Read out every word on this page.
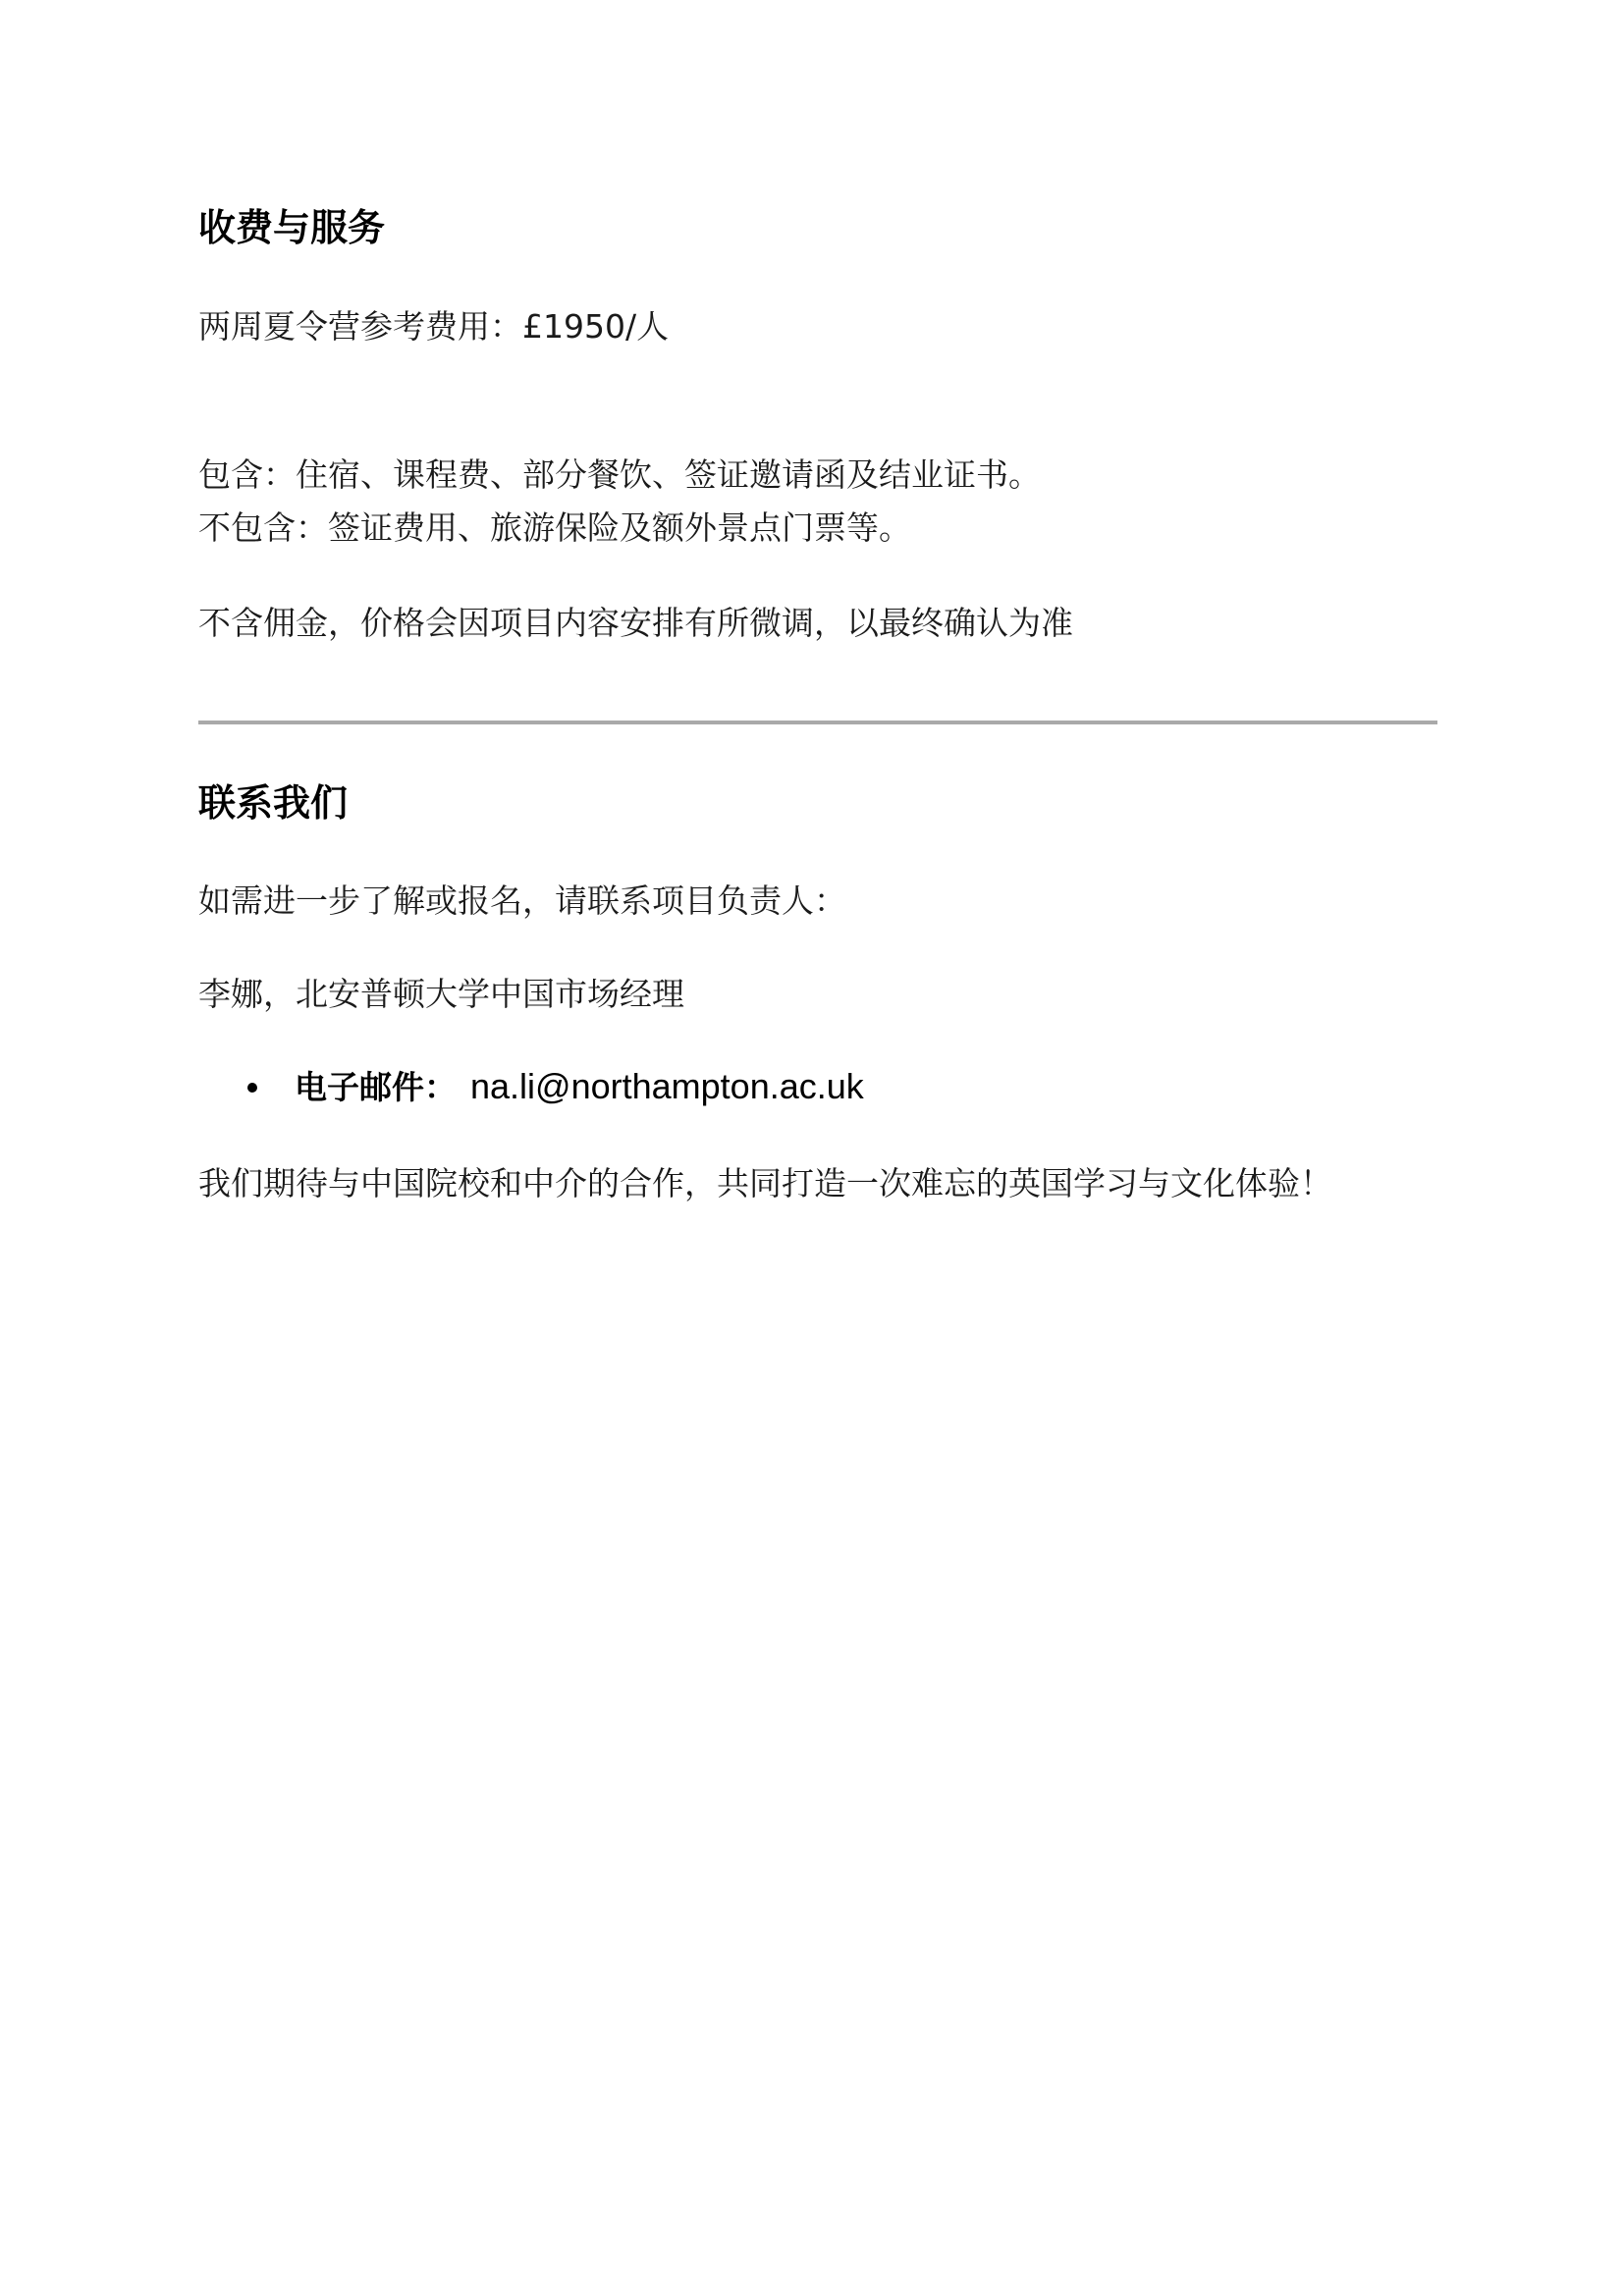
收费与服务
两周夏令营参考费用：£1950/人
包含：住宿、课程费、部分餐饮、签证邀请函及结业证书。
不包含：签证费用、旅游保险及额外景点门票等。
不含佣金，价格会因项目内容安排有所微调，以最终确认为准
联系我们
如需进一步了解或报名，请联系项目负责人：
李娜，北安普顿大学中国市场经理
电子邮件： na.li@northampton.ac.uk
我们期待与中国院校和中介的合作，共同打造一次难忘的英国学习与文化体验！
